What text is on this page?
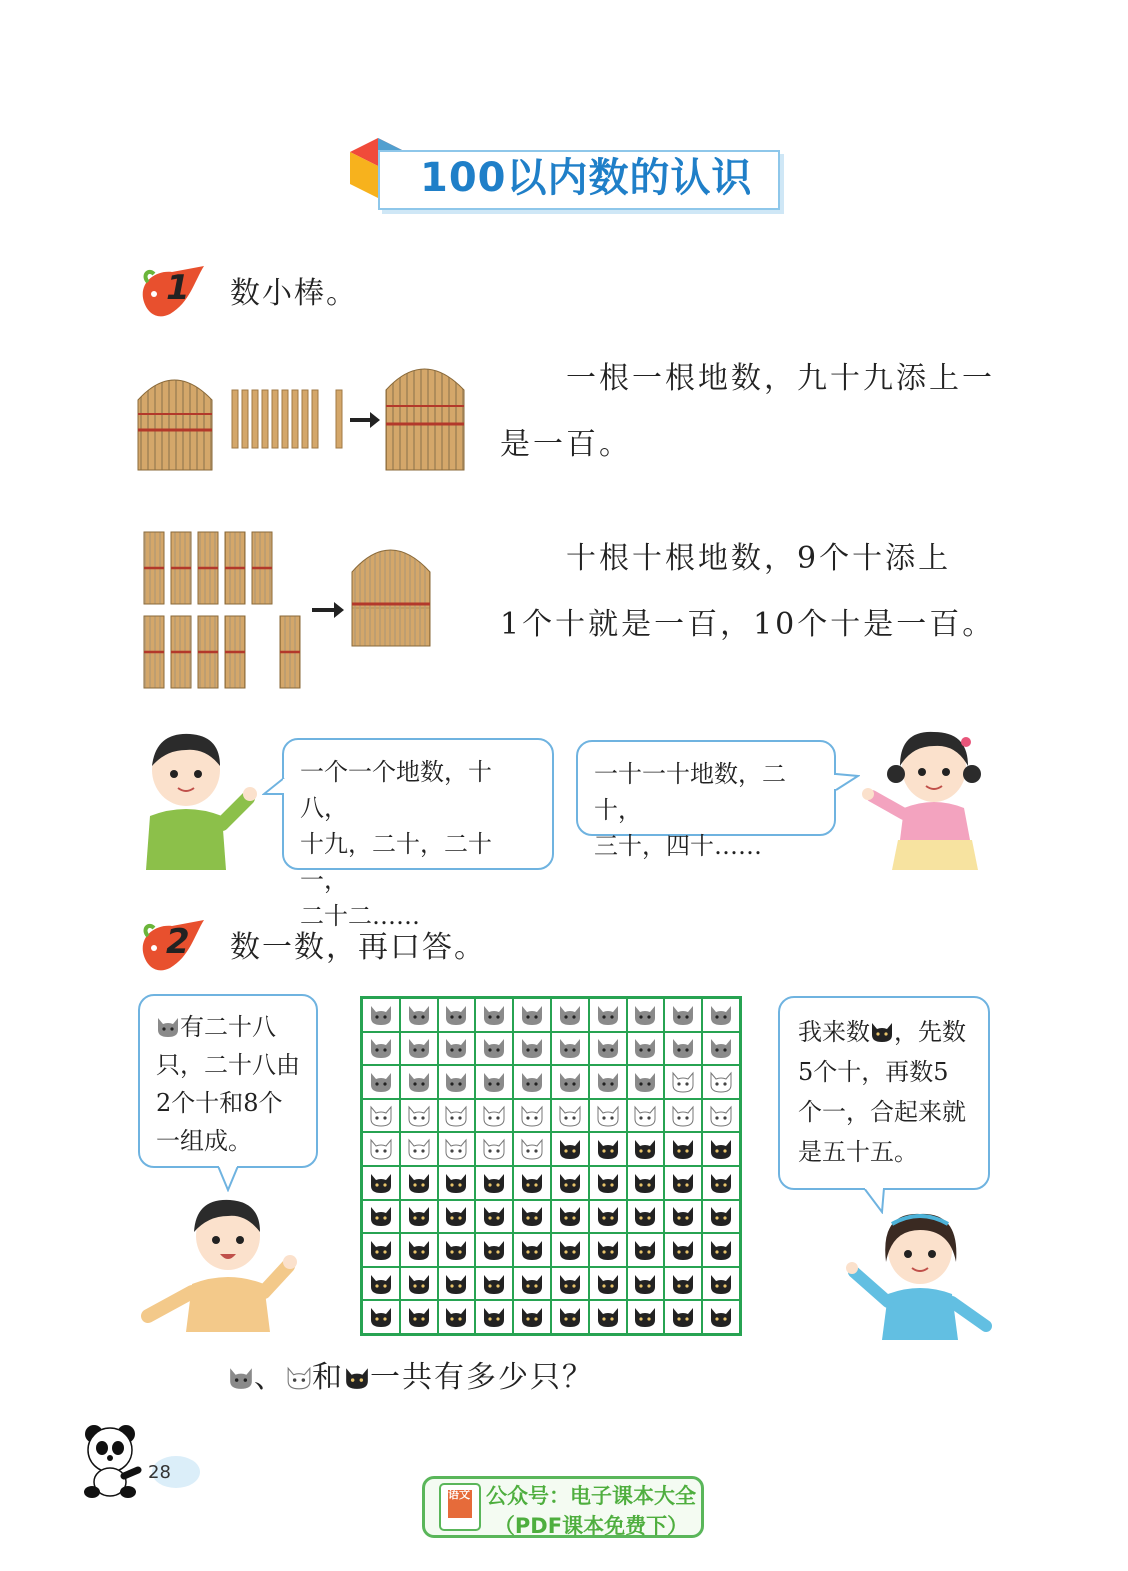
100以内数的认识
1 数小棒。
一根一根地数，九十九添上一
是一百。
十根十根地数，9个十添上
1个十就是一百，10个十是一百。
一个一个地数，十八，
十九，二十，二十一，
二十二……
一十一十地数，二十，
三十，四十……
2 数一数，再口答。
有二十八
只，二十八由
2个十和8个
一组成。
我来数 ，先数
5个十，再数5
个一，合起来就
是五十五。
、 和 一共有多少只？
28
语文 公众号：电子课本大全
（PDF课本免费下）
